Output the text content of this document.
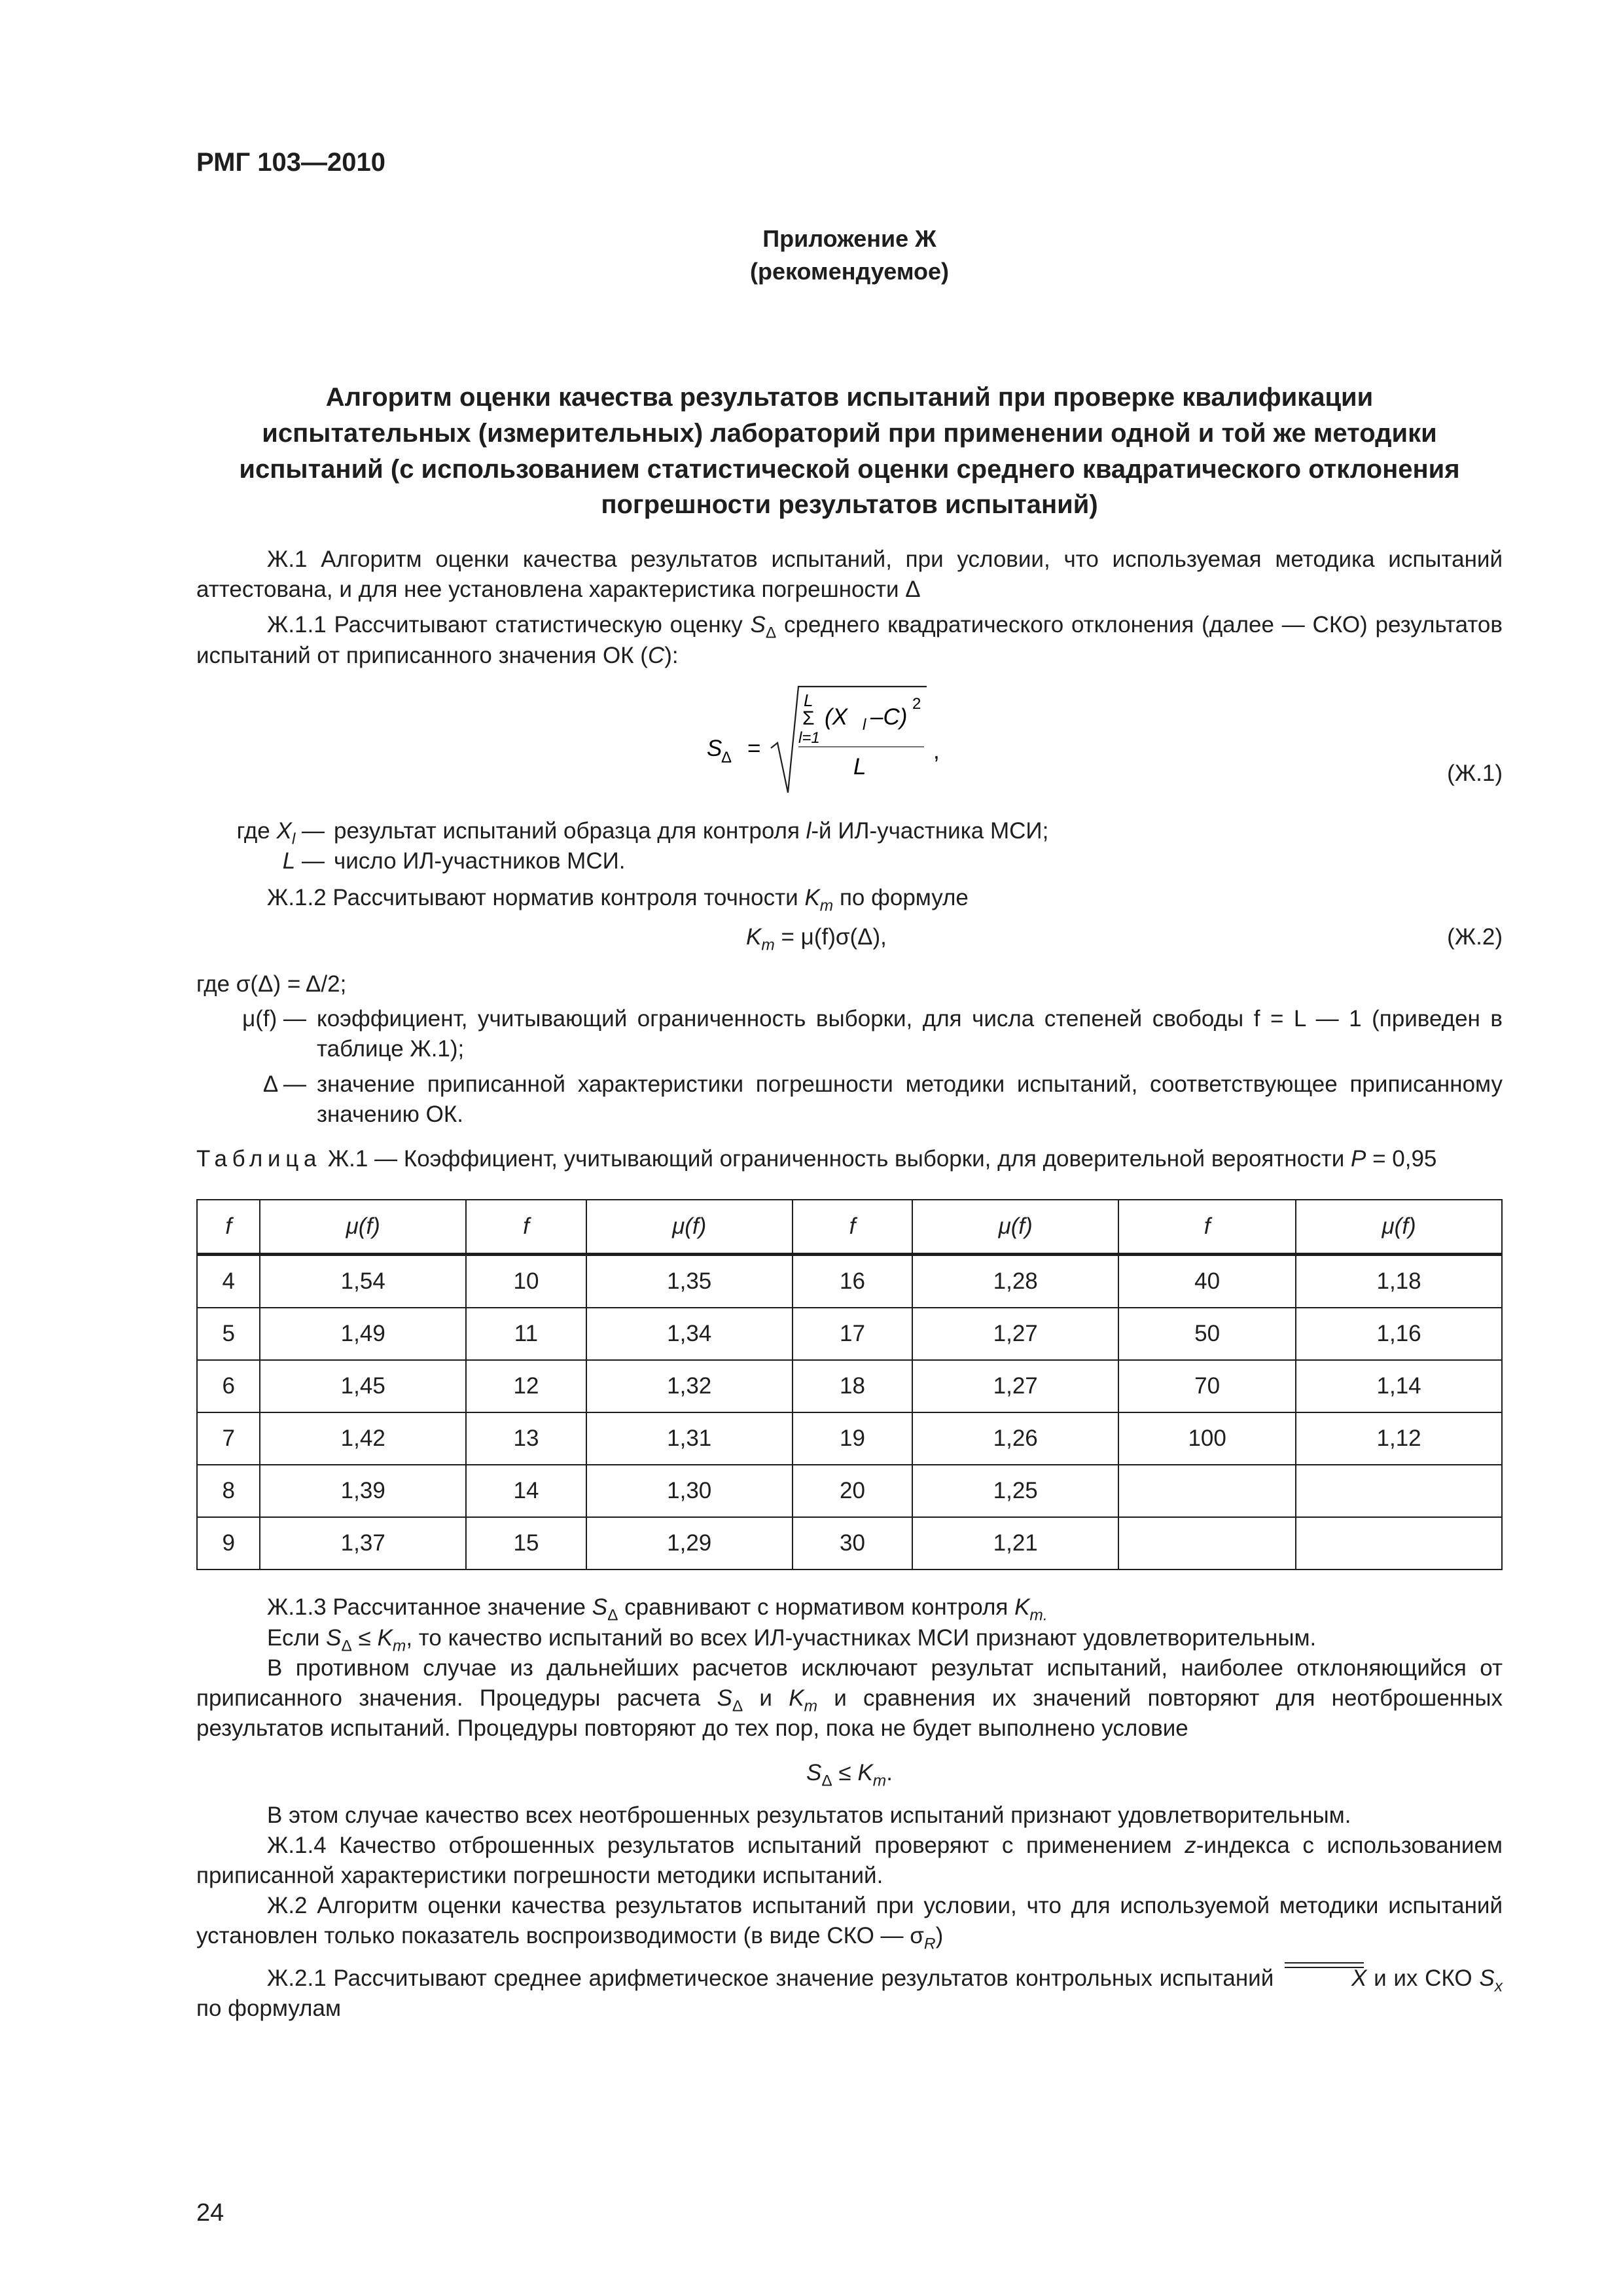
РМГ 103—2010
Приложение Ж
(рекомендуемое)
Алгоритм оценки качества результатов испытаний при проверке квалификации
испытательных (измерительных) лабораторий при применении одной и той же методики
испытаний (с использованием статистической оценки среднего квадратического отклонения
погрешности результатов испытаний)

Ж.1 Алгоритм оценки качества результатов испытаний, при условии, что используемая методика испытаний аттестована, и для нее установлена характеристика погрешности Δ

Ж.1.1 Рассчитывают статистическую оценку $S_\Delta$ среднего квадратического отклонения (далее — СКО) результатов испытаний от приписанного значения ОК (C):

S
Δ =
L
Σ
l=1
(X l –C)
2
L
,
(Ж.1)
где $X_l$ — результат испытаний образца для контроля l-й ИЛ-участника МСИ;
L — число ИЛ-участников МСИ.

Ж.1.2 Рассчитывают норматив контроля точности $K_m$ по формуле

$K_m = \mu(f)\sigma(\Delta)$,	(Ж.2)
где σ(Δ) = Δ/2;
μ(f) — коэффициент, учитывающий ограниченность выборки, для числа степеней свободы f = L — 1 (приведен в таблице Ж.1);
Δ — значение приписанной характеристики погрешности методики испытаний, соответствующее приписанному значению ОК.
Таблица Ж.1 — Коэффициент, учитывающий ограниченность выборки, для доверительной вероятности P = 0,95
f	μ(f)	f	μ(f)	f	μ(f)	f	μ(f)
4	1,54	10	1,35	16	1,28	40	1,18
5	1,49	11	1,34	17	1,27	50	1,16
6	1,45	12	1,32	18	1,27	70	1,14
7	1,42	13	1,31	19	1,26	100	1,12
8	1,39	14	1,30	20	1,25		
9	1,37	15	1,29	30	1,21		

Ж.1.3 Рассчитанное значение $S_\Delta$ сравнивают с нормативом контроля $K_{m.}$

Если $S_\Delta \le K_m$, то качество испытаний во всех ИЛ-участниках МСИ признают удовлетворительным.

В противном случае из дальнейших расчетов исключают результат испытаний, наиболее отклоняющийся от приписанного значения. Процедуры расчета $S_\Delta$ и $K_m$ и сравнения их значений повторяют для неотброшенных результатов испытаний. Процедуры повторяют до тех пор, пока не будет выполнено условие

$S_\Delta \le K_m$.

В этом случае качество всех неотброшенных результатов испытаний признают удовлетворительным.

Ж.1.4 Качество отброшенных результатов испытаний проверяют с применением z-индекса с использованием приписанной характеристики погрешности методики испытаний.

Ж.2 Алгоритм оценки качества результатов испытаний при условии, что для используемой методики испытаний установлен только показатель воспроизводимости (в виде СКО — $\sigma_R$)

Ж.2.1 Рассчитывают среднее арифметическое значение результатов контрольных испытаний	X и их СКО $S_x$ по формулам

24
